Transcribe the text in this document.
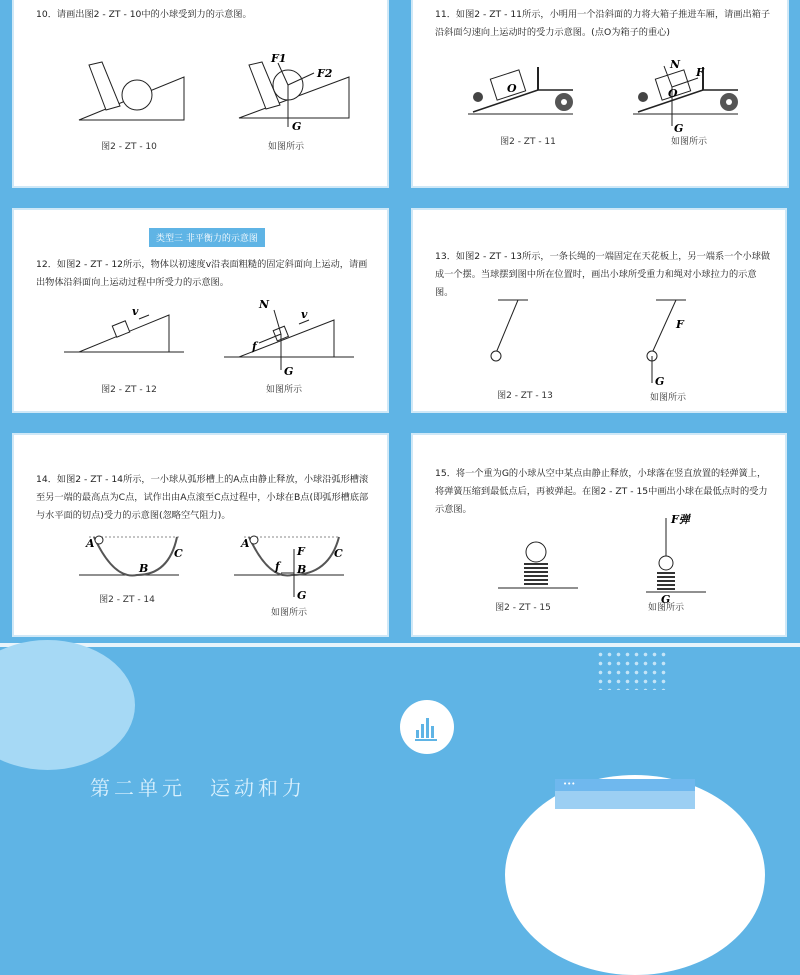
10．请画出图2 - ZT - 10中的小球受到力的示意图。
图2 - ZT - 10
F1
F2
G
如图所示
11．如图2 - ZT - 11所示，小明用一个沿斜面的力将大箱子推进车厢，请画出箱子沿斜面匀速向上运动时的受力示意图。(点O为箱子的重心)
O
图2 - ZT - 11
O
N
F
G
如图所示
类型三 非平衡力的示意图
12．如图2 - ZT - 12所示，物体以初速度v沿表面粗糙的固定斜面向上运动，请画出物体沿斜面向上运动过程中所受力的示意图。
v
图2 - ZT - 12
N
v
f
G
如图所示
13．如图2 - ZT - 13所示，一条长绳的一端固定在天花板上，另一端系一个小球做成一个摆。当球摆到图中所在位置时，画出小球所受重力和绳对小球拉力的示意图。
图2 - ZT - 13
F
G
如图所示
14．如图2 - ZT - 14所示，一小球从弧形槽上的A点由静止释放，小球沿弧形槽滚至另一端的最高点为C点，试作出由A点滚至C点过程中，小球在B点(即弧形槽底部与水平面的切点)受力的示意图(忽略空气阻力)。
A
C
B
图2 - ZT - 14
A
C
B
F
f
G
如图所示
15．将一个重为G的小球从空中某点由静止释放，小球落在竖直放置的轻弹簧上，将弹簧压缩到最低点后，再被弹起。在图2 - ZT - 15中画出小球在最低点时的受力示意图。
图2 - ZT - 15
F弹
G
如图所示
第二单元　运动和力	•••
